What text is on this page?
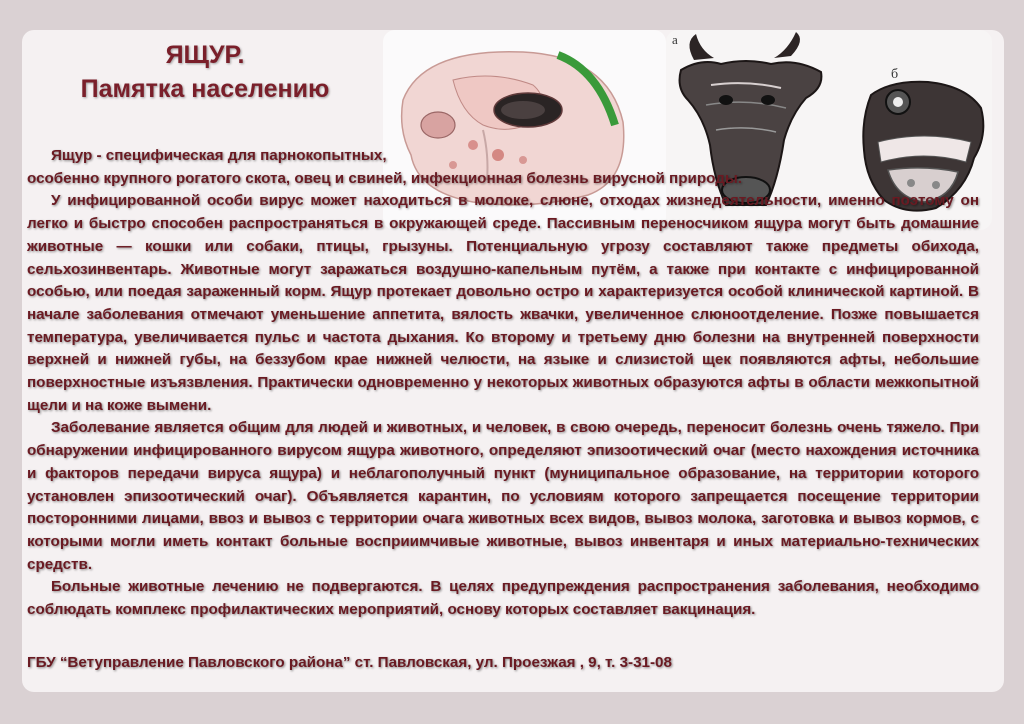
а
б
ЯЩУР.
Памятка населению

Ящур - специфическая для парнокопытных,

особенно крупного рогатого скота, овец и свиней, инфекционная болезнь вирусной природы.

У инфицированной особи вирус может находиться в молоке, слюне, отходах жизнедеятельности, именно поэтому он легко и быстро способен распространяться в окружающей среде. Пассивным переносчиком ящура могут быть домашние животные — кошки или собаки, птицы, грызуны. Потенциальную угрозу составляют также предметы обихода, сельхозинвентарь. Животные могут заражаться воздушно-капельным путём, а также при контакте с инфицированной особью, или поедая зараженный корм. Ящур протекает довольно остро и характеризуется особой клинической картиной. В начале заболевания отмечают уменьшение аппетита, вялость жвачки, увеличенное слюноотделение. Позже повышается температура, увеличивается пульс и частота дыхания. Ко второму и третьему дню болезни на внутренней поверхности верхней и нижней губы, на беззубом крае нижней челюсти, на языке и слизистой щек появляются афты, небольшие поверхностные изъязвления. Практически одновременно у некоторых животных образуются афты в области межкопытной щели и на коже вымени.

Заболевание является общим для людей и животных, и человек, в свою очередь, переносит болезнь очень тяжело. При обнаружении инфицированного вирусом ящура животного, определяют эпизоотический очаг (место нахождения источника и факторов передачи вируса ящура) и неблагополучный пункт (муниципальное образование, на территории которого установлен эпизоотический очаг). Объявляется карантин, по условиям которого запрещается посещение территории посторонними лицами, ввоз и вывоз с территории очага животных всех видов, вывоз молока, заготовка и вывоз кормов, с которыми могли иметь контакт больные восприимчивые животные, вывоз инвентаря и иных материально-технических средств.

Больные животные лечению не подвергаются. В целях предупреждения распространения заболевания, необходимо соблюдать комплекс профилактических мероприятий, основу которых составляет вакцинация.

ГБУ “Ветуправление Павловского района” ст. Павловская, ул. Проезжая , 9, т. 3-31-08
